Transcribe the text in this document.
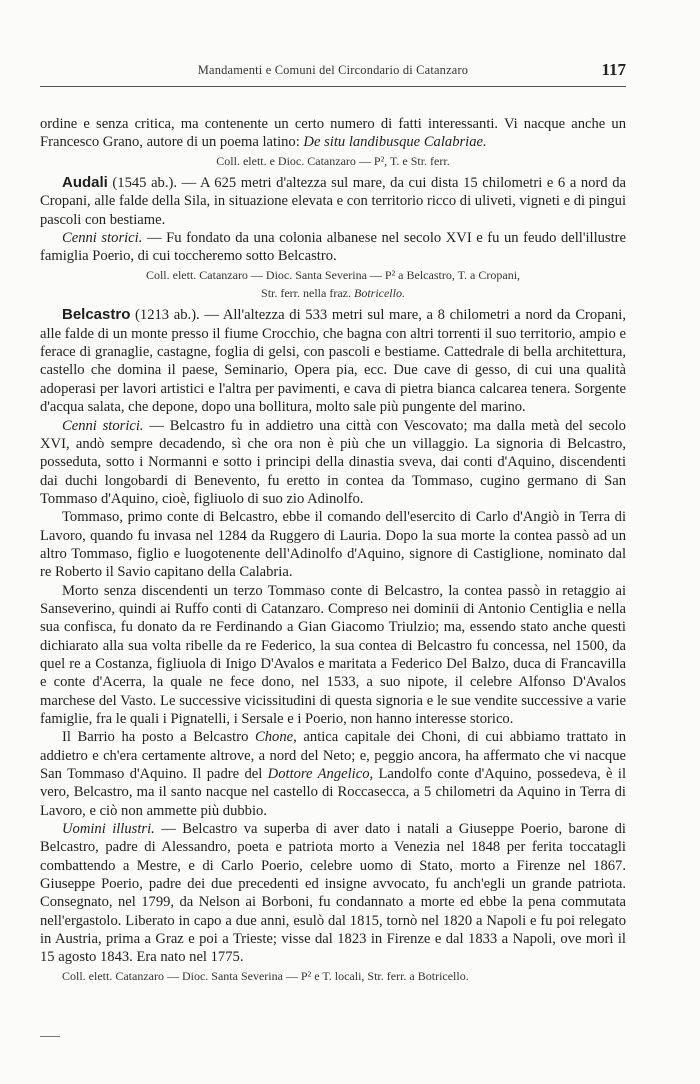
Mandamenti e Comuni del Circondario di Catanzaro	117

ordine e senza critica, ma contenente un certo numero di fatti interessanti. Vi nacque anche un Francesco Grano, autore di un poema latino: De situ landibusque Calabriae.

Coll. elett. e Dioc. Catanzaro — P², T. e Str. ferr.

Audali (1545 ab.). — A 625 metri d'altezza sul mare, da cui dista 15 chilometri e 6 a nord da Cropani, alle falde della Sila, in situazione elevata e con territorio ricco di uliveti, vigneti e di pingui pascoli con bestiame.

Cenni storici. — Fu fondato da una colonia albanese nel secolo XVI e fu un feudo dell'illustre famiglia Poerio, di cui toccheremo sotto Belcastro.

Coll. elett. Catanzaro — Dioc. Santa Severina — P² a Belcastro, T. a Cropani,

Str. ferr. nella fraz. Botricello.

Belcastro (1213 ab.). — All'altezza di 533 metri sul mare, a 8 chilometri a nord da Cropani, alle falde di un monte presso il fiume Crocchio, che bagna con altri torrenti il suo territorio, ampio e ferace di granaglie, castagne, foglia di gelsi, con pascoli e bestiame. Cattedrale di bella architettura, castello che domina il paese, Seminario, Opera pia, ecc. Due cave di gesso, di cui una qualità adoperasi per lavori artistici e l'altra per pavimenti, e cava di pietra bianca calcarea tenera. Sorgente d'acqua salata, che depone, dopo una bollitura, molto sale più pungente del marino.

Cenni storici. — Belcastro fu in addietro una città con Vescovato; ma dalla metà del secolo XVI, andò sempre decadendo, sì che ora non è più che un villaggio. La signoria di Belcastro, posseduta, sotto i Normanni e sotto i principi della dinastia sveva, dai conti d'Aquino, discendenti dai duchi longobardi di Benevento, fu eretto in contea da Tommaso, cugino germano di San Tommaso d'Aquino, cioè, figliuolo di suo zio Adinolfo.

Tommaso, primo conte di Belcastro, ebbe il comando dell'esercito di Carlo d'Angiò in Terra di Lavoro, quando fu invasa nel 1284 da Ruggero di Lauria. Dopo la sua morte la contea passò ad un altro Tommaso, figlio e luogotenente dell'Adinolfo d'Aquino, signore di Castiglione, nominato dal re Roberto il Savio capitano della Calabria.

Morto senza discendenti un terzo Tommaso conte di Belcastro, la contea passò in retaggio ai Sanseverino, quindi ai Ruffo conti di Catanzaro. Compreso nei dominii di Antonio Centiglia e nella sua confisca, fu donato da re Ferdinando a Gian Giacomo Triulzio; ma, essendo stato anche questi dichiarato alla sua volta ribelle da re Federico, la sua contea di Belcastro fu concessa, nel 1500, da quel re a Costanza, figliuola di Inigo D'Avalos e maritata a Federico Del Balzo, duca di Francavilla e conte d'Acerra, la quale ne fece dono, nel 1533, a suo nipote, il celebre Alfonso D'Avalos marchese del Vasto. Le successive vicissitudini di questa signoria e le sue vendite successive a varie famiglie, fra le quali i Pignatelli, i Sersale e i Poerio, non hanno interesse storico.

Il Barrio ha posto a Belcastro Chone, antica capitale dei Choni, di cui abbiamo trattato in addietro e ch'era certamente altrove, a nord del Neto; e, peggio ancora, ha affermato che vi nacque San Tommaso d'Aquino. Il padre del Dottore Angelico, Landolfo conte d'Aquino, possedeva, è il vero, Belcastro, ma il santo nacque nel castello di Roccasecca, a 5 chilometri da Aquino in Terra di Lavoro, e ciò non ammette più dubbio.

Uomini illustri. — Belcastro va superba di aver dato i natali a Giuseppe Poerio, barone di Belcastro, padre di Alessandro, poeta e patriota morto a Venezia nel 1848 per ferita toccatagli combattendo a Mestre, e di Carlo Poerio, celebre uomo di Stato, morto a Firenze nel 1867. Giuseppe Poerio, padre dei due precedenti ed insigne avvocato, fu anch'egli un grande patriota. Consegnato, nel 1799, da Nelson ai Borboni, fu condannato a morte ed ebbe la pena commutata nell'ergastolo. Liberato in capo a due anni, esulò dal 1815, tornò nel 1820 a Napoli e fu poi relegato in Austria, prima a Graz e poi a Trieste; visse dal 1823 in Firenze e dal 1833 a Napoli, ove morì il 15 agosto 1843. Era nato nel 1775.

Coll. elett. Catanzaro — Dioc. Santa Severina — P² e T. locali, Str. ferr. a Botricello.
